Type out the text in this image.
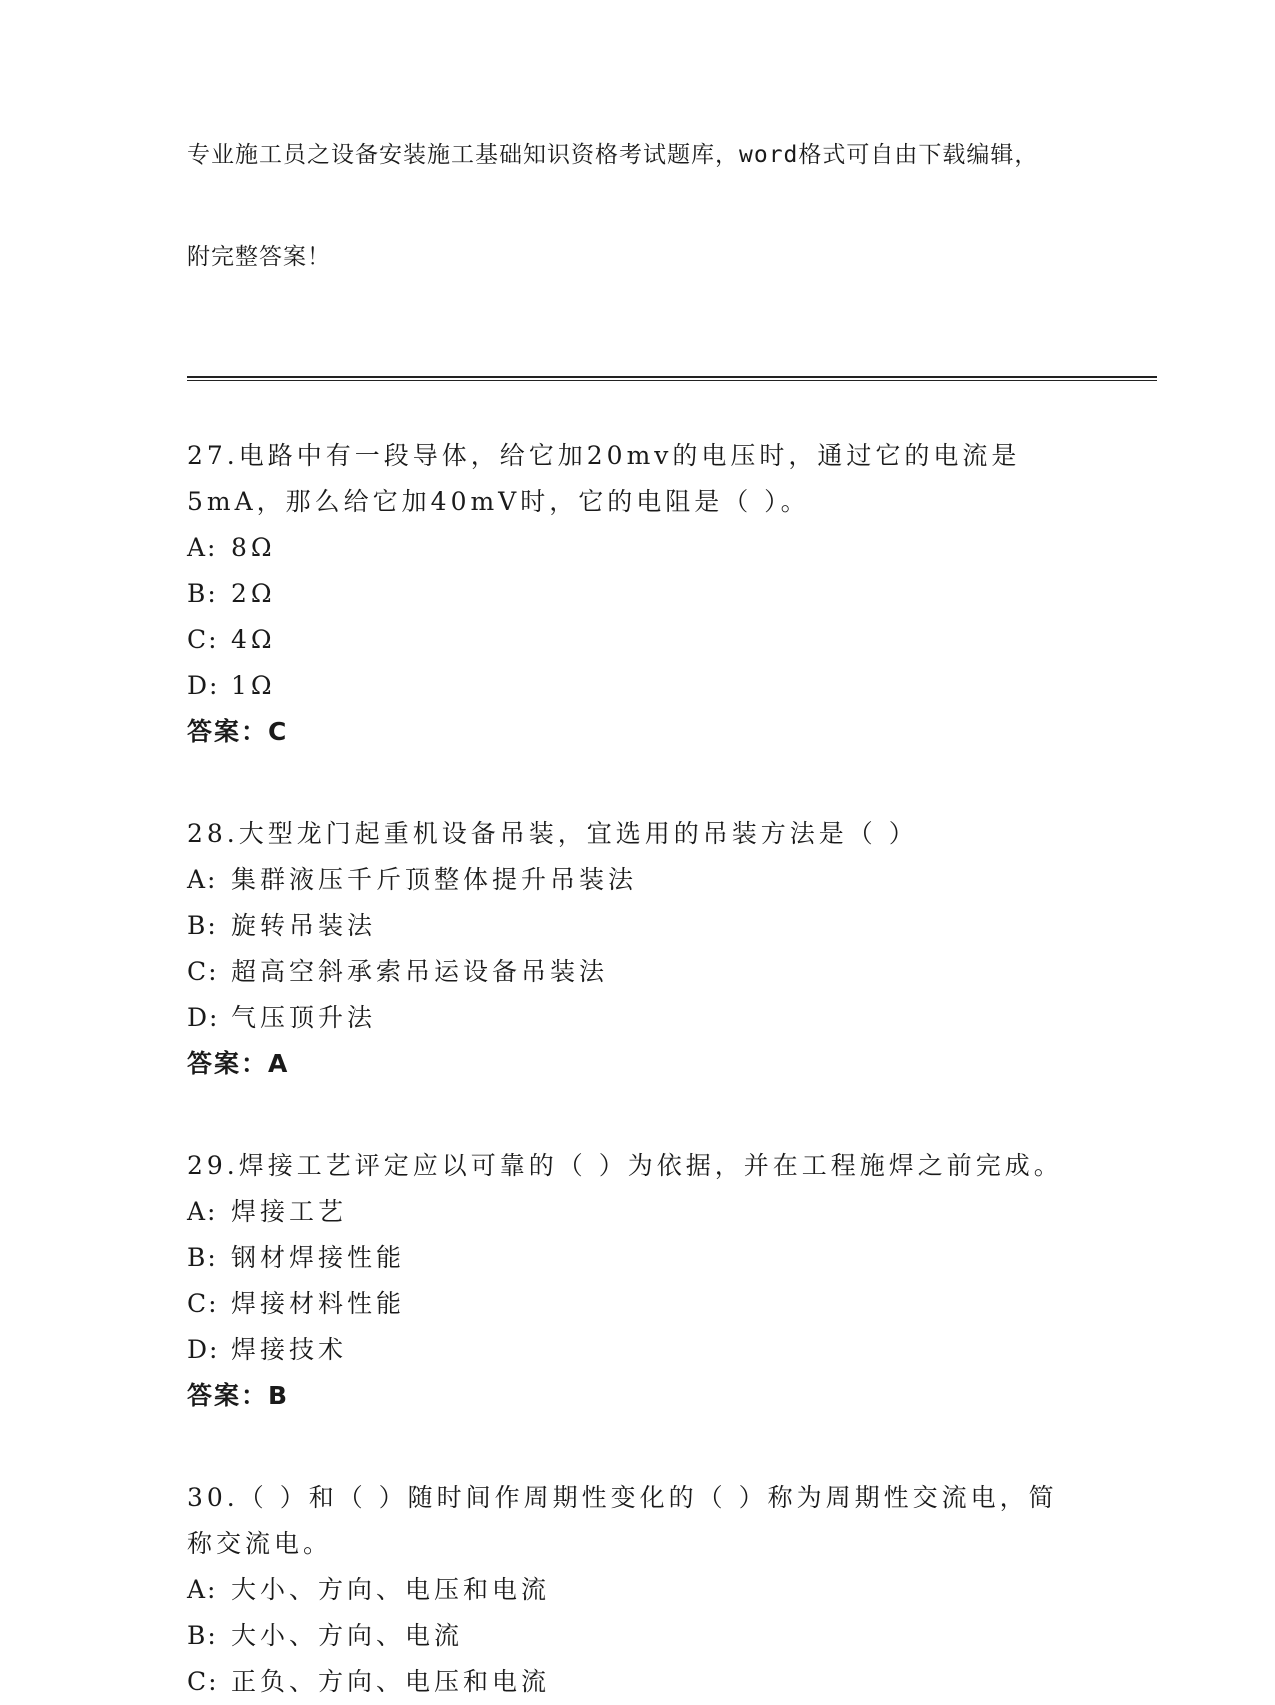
专业施工员之设备安装施工基础知识资格考试题库，word格式可自由下载编辑，

附完整答案！

27.电路中有一段导体，给它加20mv的电压时，通过它的电流是5mA，那么给它加40mV时，它的电阻是（ ）。
A: 8Ω
B: 2Ω
C: 4Ω
D: 1Ω
答案：C
28.大型龙门起重机设备吊装，宜选用的吊装方法是（ ）
A: 集群液压千斤顶整体提升吊装法
B: 旋转吊装法
C: 超高空斜承索吊运设备吊装法
D: 气压顶升法
答案：A
29.焊接工艺评定应以可靠的（ ）为依据，并在工程施焊之前完成。
A: 焊接工艺
B: 钢材焊接性能
C: 焊接材料性能
D: 焊接技术
答案：B
30.（ ）和（ ）随时间作周期性变化的（ ）称为周期性交流电，简称交流电。
A: 大小、方向、电压和电流
B: 大小、方向、电流
C: 正负、方向、电压和电流
